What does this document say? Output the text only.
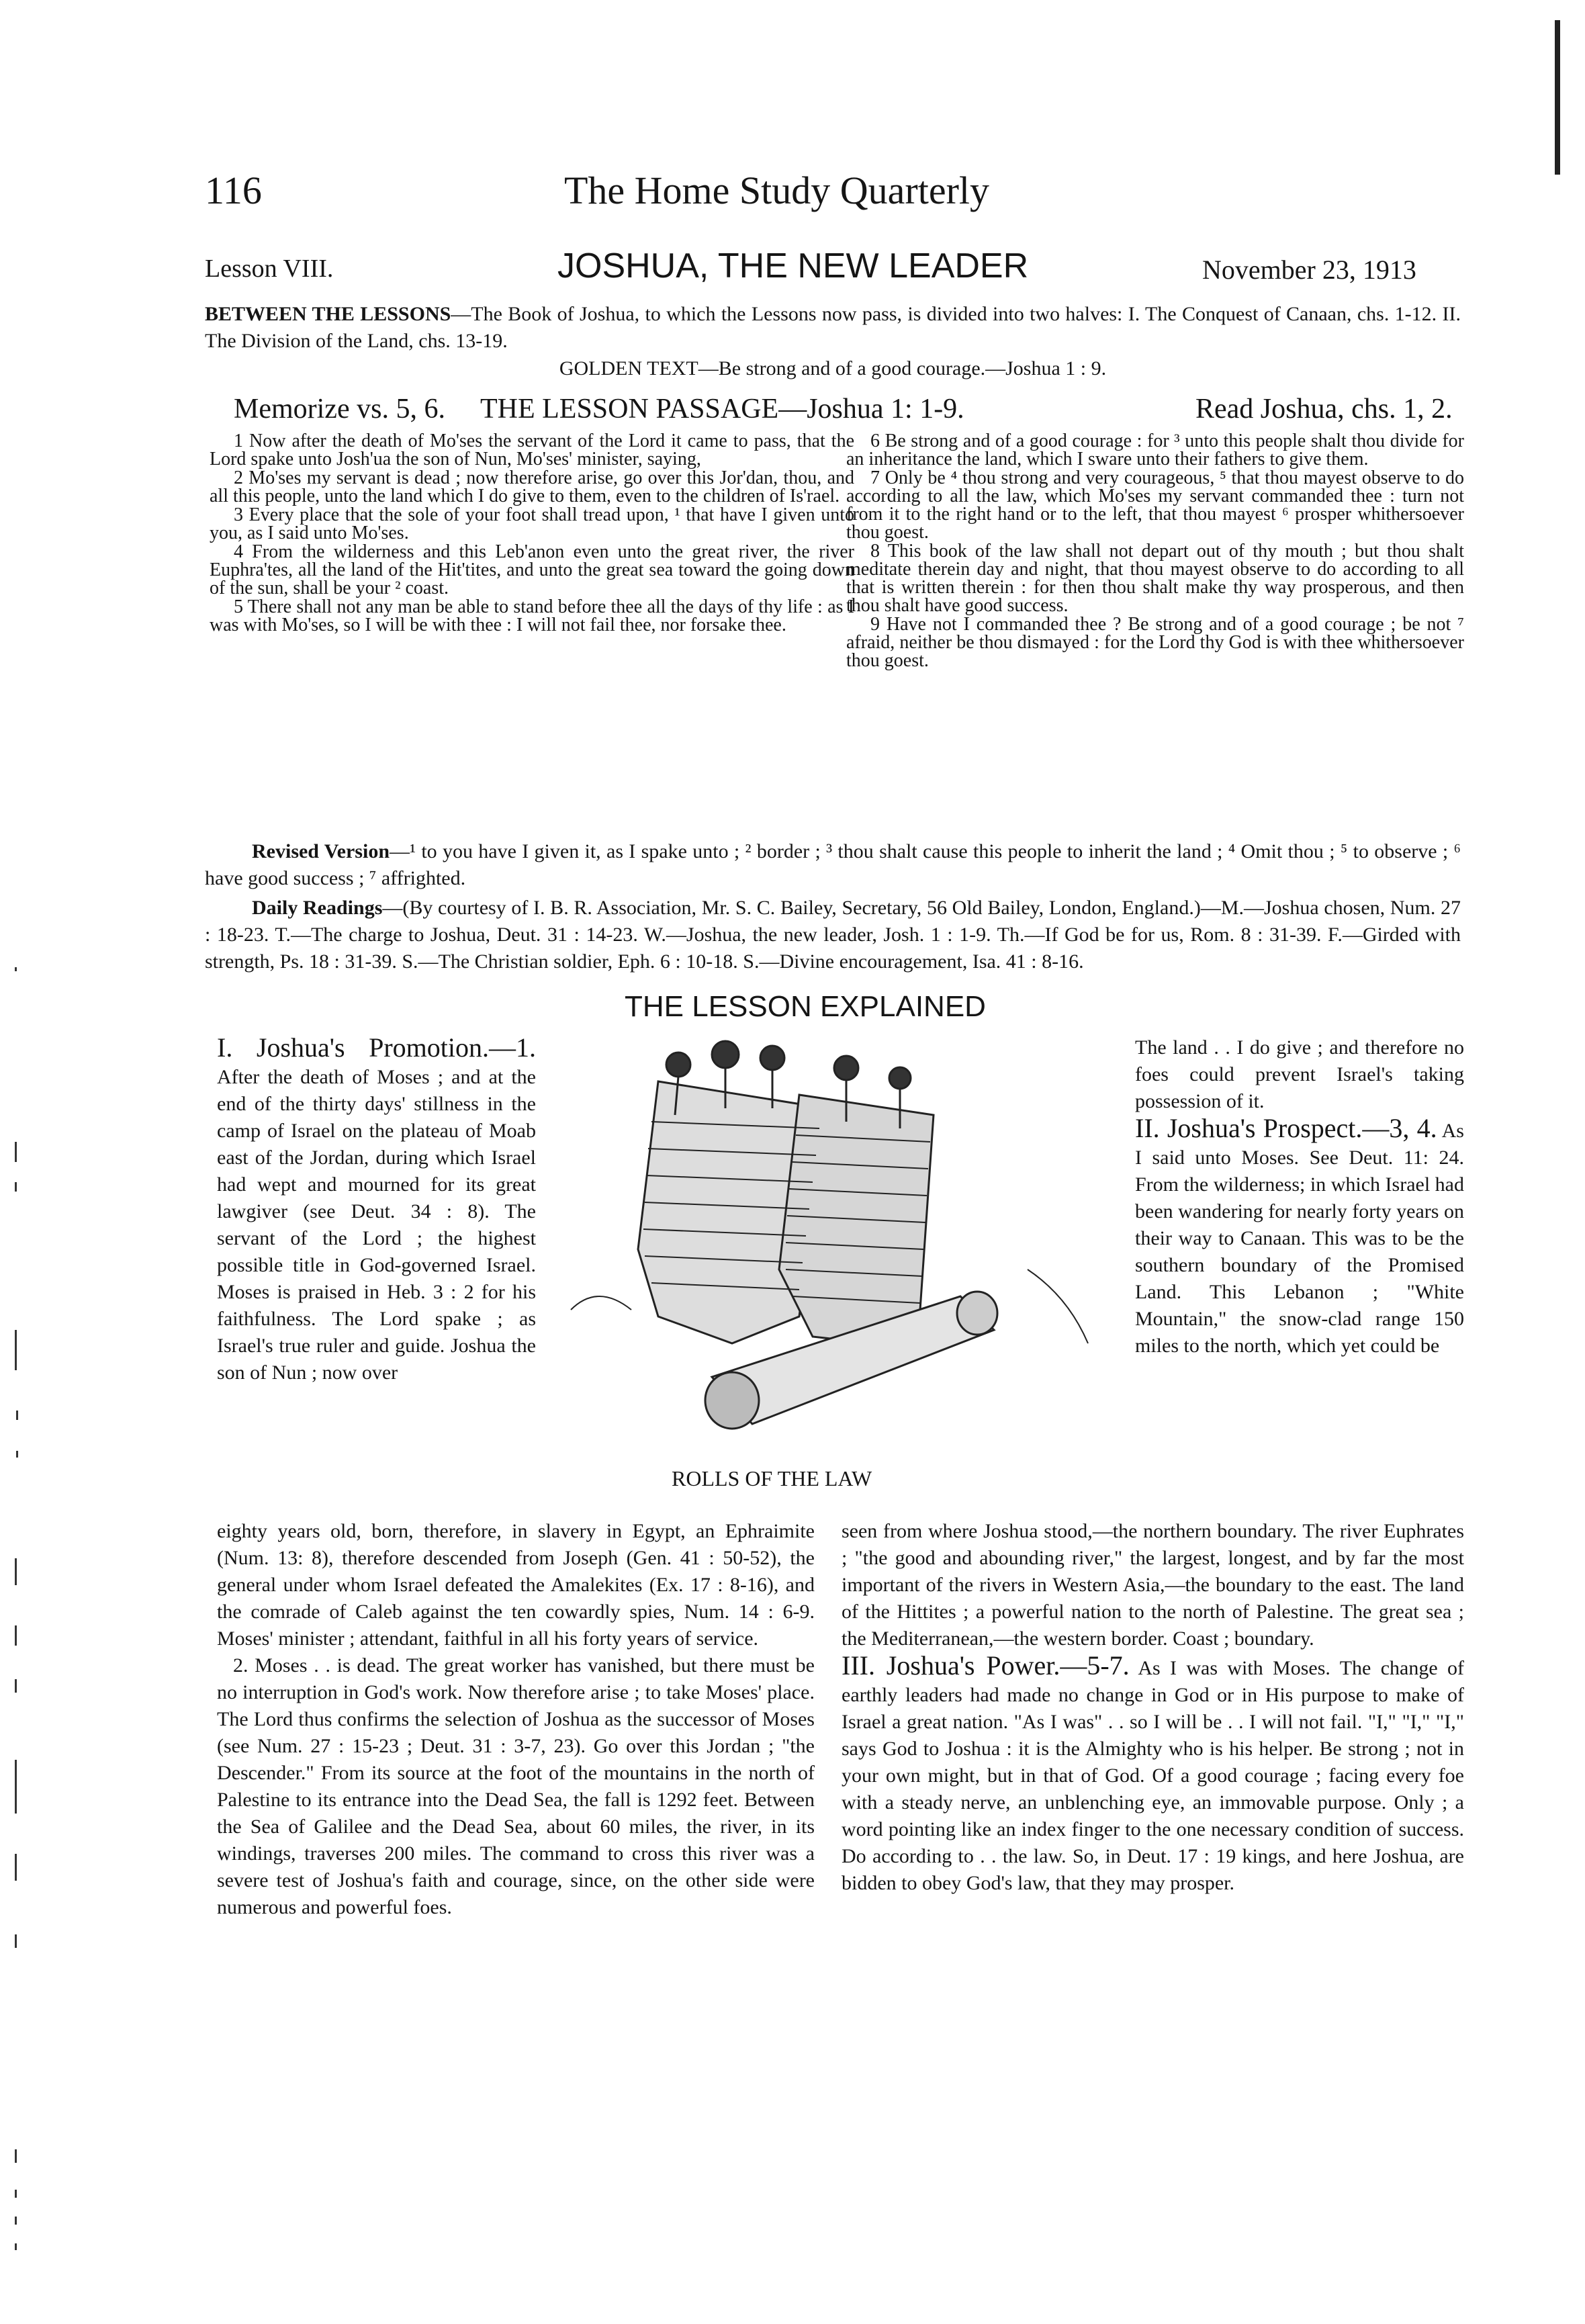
116	The Home Study Quarterly
Lesson VIII.	JOSHUA, THE NEW LEADER	November 23, 1913
BETWEEN THE LESSONS—The Book of Joshua, to which the Lessons now pass, is divided into two halves: I. The Conquest of Canaan, chs. 1-12. II. The Division of the Land, chs. 13-19.
GOLDEN TEXT—Be strong and of a good courage.—Joshua 1 : 9.
Memorize vs. 5, 6. THE LESSON PASSAGE—Joshua 1: 1-9.	Read Joshua, chs. 1, 2.

1 Now after the death of Mo'ses the servant of the Lord it came to pass, that the Lord spake unto Josh'ua the son of Nun, Mo'ses' minister, saying,

2 Mo'ses my servant is dead ; now therefore arise, go over this Jor'dan, thou, and all this people, unto the land which I do give to them, even to the children of Is'rael.

3 Every place that the sole of your foot shall tread upon, ¹ that have I given unto you, as I said unto Mo'ses.

4 From the wilderness and this Leb'anon even unto the great river, the river Euphra'tes, all the land of the Hit'tites, and unto the great sea toward the going down of the sun, shall be your ² coast.

5 There shall not any man be able to stand before thee all the days of thy life : as I was with Mo'ses, so I will be with thee : I will not fail thee, nor forsake thee.

6 Be strong and of a good courage : for ³ unto this people shalt thou divide for an inheritance the land, which I sware unto their fathers to give them.

7 Only be ⁴ thou strong and very courageous, ⁵ that thou mayest observe to do according to all the law, which Mo'ses my servant commanded thee : turn not from it to the right hand or to the left, that thou mayest ⁶ prosper whithersoever thou goest.

8 This book of the law shall not depart out of thy mouth ; but thou shalt meditate therein day and night, that thou mayest observe to do according to all that is written therein : for then thou shalt make thy way prosperous, and then thou shalt have good success.

9 Have not I commanded thee ? Be strong and of a good courage ; be not ⁷ afraid, neither be thou dismayed : for the Lord thy God is with thee whithersoever thou goest.

Revised Version—¹ to you have I given it, as I spake unto ; ² border ; ³ thou shalt cause this people to inherit the land ; ⁴ Omit thou ; ⁵ to observe ; ⁶ have good success ; ⁷ affrighted.

Daily Readings—(By courtesy of I. B. R. Association, Mr. S. C. Bailey, Secretary, 56 Old Bailey, London, England.)—M.—Joshua chosen, Num. 27 : 18-23. T.—The charge to Joshua, Deut. 31 : 14-23. W.—Joshua, the new leader, Josh. 1 : 1-9. Th.—If God be for us, Rom. 8 : 31-39. F.—Girded with strength, Ps. 18 : 31-39. S.—The Christian soldier, Eph. 6 : 10-18. S.—Divine encouragement, Isa. 41 : 8-16.
THE LESSON EXPLAINED

I. Joshua's Promotion.—1. After the death of Moses ; and at the end of the thirty days' stillness in the camp of Israel on the plateau of Moab east of the Jordan, during which Israel had wept and mourned for its great lawgiver (see Deut. 34 : 8). The servant of the Lord ; the highest possible title in God-governed Israel. Moses is praised in Heb. 3 : 2 for his faithfulness. The Lord spake ; as Israel's true ruler and guide. Joshua the son of Nun ; now over

ROLLS OF THE LAW

The land . . I do give ; and therefore no foes could prevent Israel's taking possession of it.

II. Joshua's Prospect.—3, 4. As I said unto Moses. See Deut. 11: 24. From the wilderness; in which Israel had been wandering for nearly forty years on their way to Canaan. This was to be the southern boundary of the Promised Land. This Lebanon ; "White Mountain," the snow-clad range 150 miles to the north, which yet could be

eighty years old, born, therefore, in slavery in Egypt, an Ephraimite (Num. 13: 8), therefore descended from Joseph (Gen. 41 : 50-52), the general under whom Israel defeated the Amalekites (Ex. 17 : 8-16), and the comrade of Caleb against the ten cowardly spies, Num. 14 : 6-9. Moses' minister ; attendant, faithful in all his forty years of service.

2. Moses . . is dead. The great worker has vanished, but there must be no interruption in God's work. Now therefore arise ; to take Moses' place. The Lord thus confirms the selection of Joshua as the successor of Moses (see Num. 27 : 15-23 ; Deut. 31 : 3-7, 23). Go over this Jordan ; "the Descender." From its source at the foot of the mountains in the north of Palestine to its entrance into the Dead Sea, the fall is 1292 feet. Between the Sea of Galilee and the Dead Sea, about 60 miles, the river, in its windings, traverses 200 miles. The command to cross this river was a severe test of Joshua's faith and courage, since, on the other side were numerous and powerful foes.

seen from where Joshua stood,—the northern boundary. The river Euphrates ; "the good and abounding river," the largest, longest, and by far the most important of the rivers in Western Asia,—the boundary to the east. The land of the Hittites ; a powerful nation to the north of Palestine. The great sea ; the Mediterranean,—the western border. Coast ; boundary.

III. Joshua's Power.—5-7. As I was with Moses. The change of earthly leaders had made no change in God or in His purpose to make of Israel a great nation. "As I was" . . so I will be . . I will not fail. "I," "I," "I," says God to Joshua : it is the Almighty who is his helper. Be strong ; not in your own might, but in that of God. Of a good courage ; facing every foe with a steady nerve, an unblenching eye, an immovable purpose. Only ; a word pointing like an index finger to the one necessary condition of success. Do according to . . the law. So, in Deut. 17 : 19 kings, and here Joshua, are bidden to obey God's law, that they may prosper.
